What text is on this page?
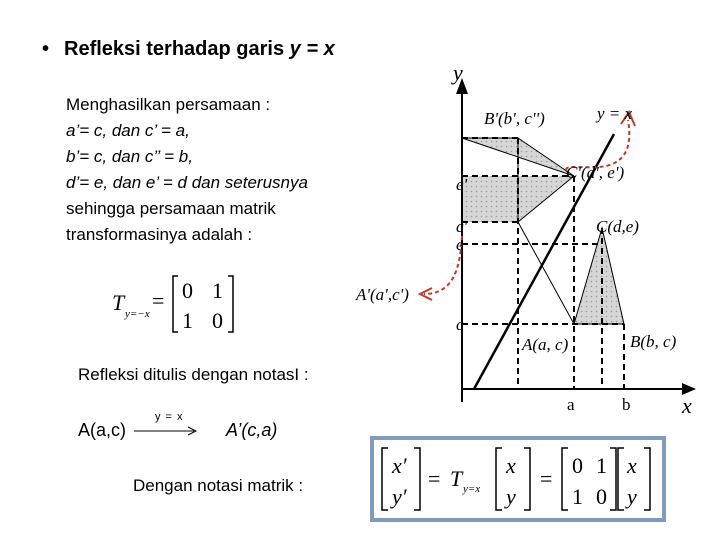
• Refleksi terhadap garis y = x
Menghasilkan persamaan :
a’= c, dan c’ = a,
b’= c, dan c’’ = b,
d’= e, dan e’ = d dan seterusnya
sehingga persamaan matrik
transformasinya adalah :
T y=−x
= 0 1
1 0
Refleksi ditulis dengan notasI :
A(a,c)
y = x
A’(c,a)
Dengan notasi matrik :
x′
y′
= T y=x
x
y
=
0 1
1 0
x
y
y
x
y = x
B'(b', c'')
C'(d', e')
C(d,e)
A'(a',c')
A(a, c)	B(b, c)
e'
c'
e
c
a	b
